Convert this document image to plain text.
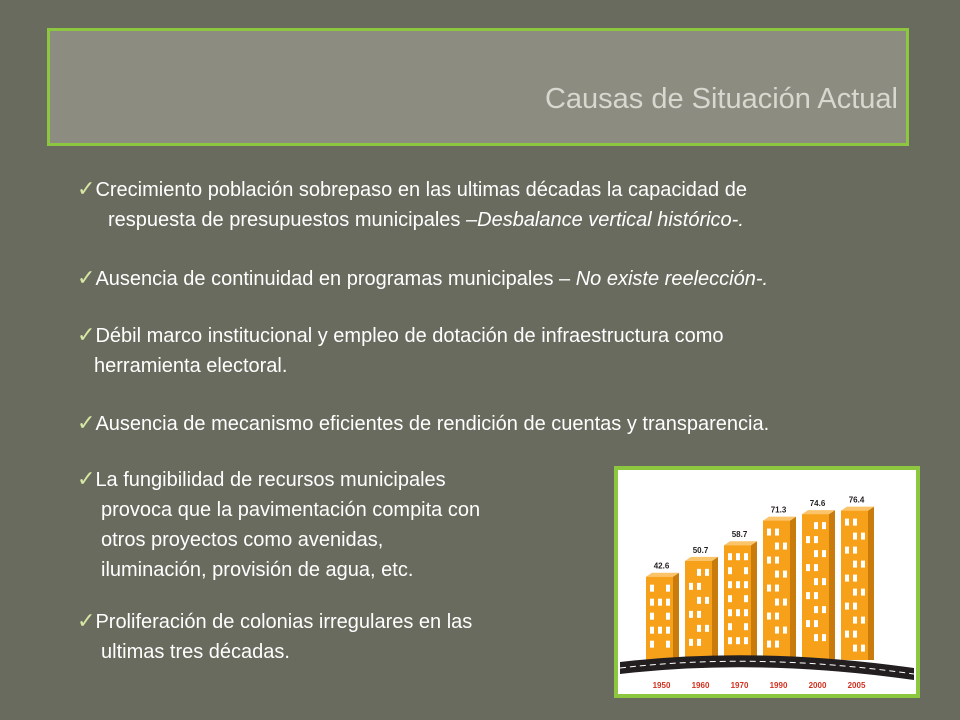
Causas de Situación Actual
✓Crecimiento población sobrepaso en las ultimas décadas la capacidad de
respuesta de presupuestos municipales –Desbalance vertical histórico-.
✓Ausencia de continuidad en programas municipales – No existe reelección-.
✓Débil marco institucional y empleo de dotación de infraestructura como
herramienta electoral.
✓Ausencia de mecanismo eficientes de rendición de cuentas y transparencia.
✓La fungibilidad de recursos municipales
provoca que la pavimentación compita con
otros proyectos como avenidas,
iluminación, provisión de agua, etc.
✓Proliferación de colonias irregulares en las
ultimas tres décadas.
42.6
50.7
58.7
71.3
74.6	76.4
1950	1960	1970	1990	2000	2005
